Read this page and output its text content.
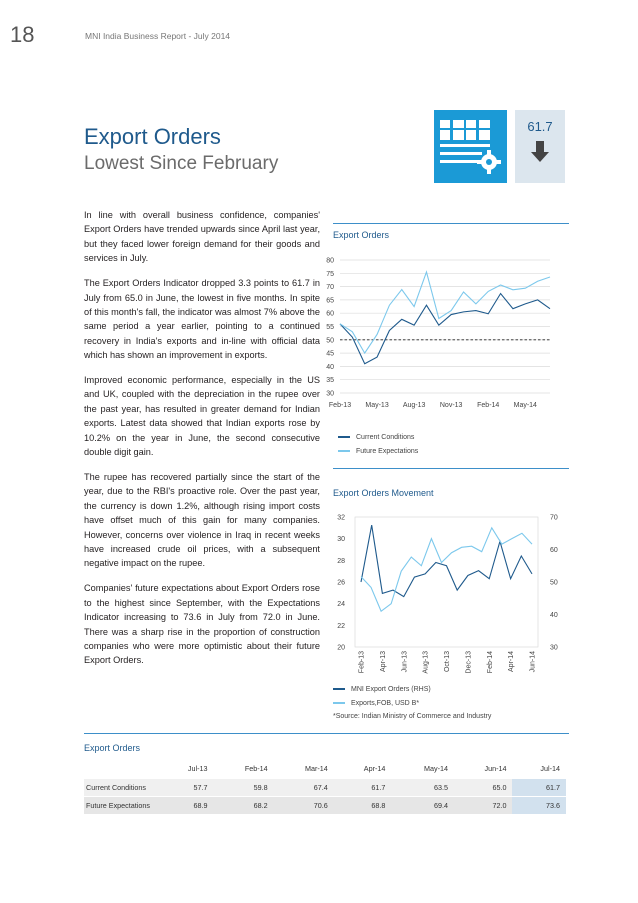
18	MNI India Business Report - July 2014
Export Orders
Lowest Since February
61.7

In line with overall business confidence, companies' Export Orders have trended upwards since April last year, but they faced lower foreign demand for their goods and services in July.

The Export Orders Indicator dropped 3.3 points to 61.7 in July from 65.0 in June, the lowest in five months. In spite of this month's fall, the indicator was almost 7% above the same period a year earlier, pointing to a continued recovery in India's exports and in-line with official data which has shown an improvement in exports.

Improved economic performance, especially in the US and UK, coupled with the depreciation in the rupee over the past year, has resulted in greater demand for Indian exports. Latest data showed that Indian exports rose by 10.2% on the year in June, the second consecutive double digit gain.

The rupee has recovered partially since the start of the year, due to the RBI's proactive role. Over the past year, the currency is down 1.2%, although rising import costs have offset much of this gain for many companies. However, concerns over violence in Iraq in recent weeks have increased crude oil prices, with a subsequent negative impact on the rupee.

Companies' future expectations about Export Orders rose to the highest since September, with the Expectations Indicator increasing to 73.6 in July from 72.0 in June. There was a sharp rise in the proportion of construction companies who were more optimistic about their future Export Orders.

Export Orders
30
35
40
45
50
55
60
65
70
75
80
Feb-13 May-13 Aug-13 Nov-13 Feb-14 May-14
Current Conditions
Future Expectations
Export Orders Movement
20
22
24
26
28
30
32
30
40
50
60
70
Feb-13 Apr-13 Jun-13 Aug-13 Oct-13 Dec-13 Feb-14 Apr-14 Jun-14
MNI Export Orders (RHS)
Exports,FOB, USD B*
*Source: Indian Ministry of Commerce and Industry
Export Orders
	Jul-13	Feb-14	Mar-14	Apr-14	May-14	Jun-14	Jul-14
Current Conditions	57.7	59.8	67.4	61.7	63.5	65.0	61.7
Future Expectations	68.9	68.2	70.6	68.8	69.4	72.0	73.6
